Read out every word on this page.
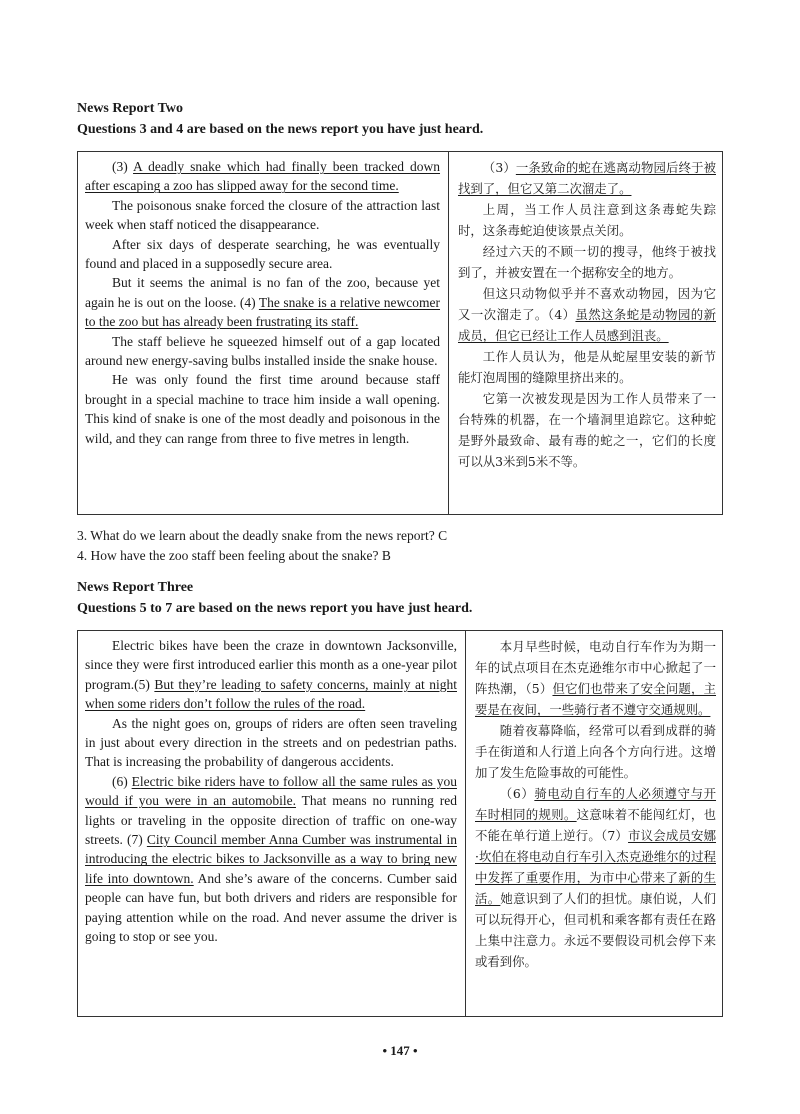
News Report Two

Questions 3 and 4 are based on the news report you have just heard.

(3) A deadly snake which had finally been tracked down after escaping a zoo has slipped away for the second time.

The poisonous snake forced the closure of the attraction last week when staff noticed the disappearance.

After six days of desperate searching, he was eventually found and placed in a supposedly secure area.

But it seems the animal is no fan of the zoo, because yet again he is out on the loose. (4) The snake is a relative newcomer to the zoo but has already been frustrating its staff.

The staff believe he squeezed himself out of a gap located around new energy-saving bulbs installed inside the snake house.

He was only found the first time around because staff brought in a special machine to trace him inside a wall opening. This kind of snake is one of the most deadly and poisonous in the wild, and they can range from three to five metres in length.

（3）一条致命的蛇在逃离动物园后终于被找到了，但它又第二次溜走了。

上周，当工作人员注意到这条毒蛇失踪时，这条毒蛇迫使该景点关闭。

经过六天的不顾一切的搜寻，他终于被找到了，并被安置在一个据称安全的地方。

但这只动物似乎并不喜欢动物园，因为它又一次溜走了。（4）虽然这条蛇是动物园的新成员，但它已经让工作人员感到沮丧。

工作人员认为，他是从蛇屋里安装的新节能灯泡周围的缝隙里挤出来的。

它第一次被发现是因为工作人员带来了一台特殊的机器，在一个墙洞里追踪它。这种蛇是野外最致命、最有毒的蛇之一，它们的长度可以从3米到5米不等。

3. What do we learn about the deadly snake from the news report? C

4. How have the zoo staff been feeling about the snake? B

News Report Three

Questions 5 to 7 are based on the news report you have just heard.

Electric bikes have been the craze in downtown Jacksonville, since they were first introduced earlier this month as a one-year pilot program.(5) But they’re leading to safety concerns, mainly at night when some riders don’t follow the rules of the road.

As the night goes on, groups of riders are often seen traveling in just about every direction in the streets and on pedestrian paths. That is increasing the probability of dangerous accidents.

(6) Electric bike riders have to follow all the same rules as you would if you were in an automobile. That means no running red lights or traveling in the opposite direction of traffic on one-way streets. (7) City Council member Anna Cumber was instrumental in introducing the electric bikes to Jacksonville as a way to bring new life into downtown. And she’s aware of the concerns. Cumber said people can have fun, but both drivers and riders are responsible for paying attention while on the road. And never assume the driver is going to stop or see you.

本月早些时候，电动自行车作为为期一年的试点项目在杰克逊维尔市中心掀起了一阵热潮，（5）但它们也带来了安全问题，主要是在夜间，一些骑行者不遵守交通规则。

随着夜幕降临，经常可以看到成群的骑手在街道和人行道上向各个方向行进。这增加了发生危险事故的可能性。

（6）骑电动自行车的人必须遵守与开车时相同的规则。这意味着不能闯红灯，也不能在单行道上逆行。（7）市议会成员安娜·坎伯在将电动自行车引入杰克逊维尔的过程中发挥了重要作用，为市中心带来了新的生活。她意识到了人们的担忧。康伯说，人们可以玩得开心，但司机和乘客都有责任在路上集中注意力。永远不要假设司机会停下来或看到你。

• 147 •
